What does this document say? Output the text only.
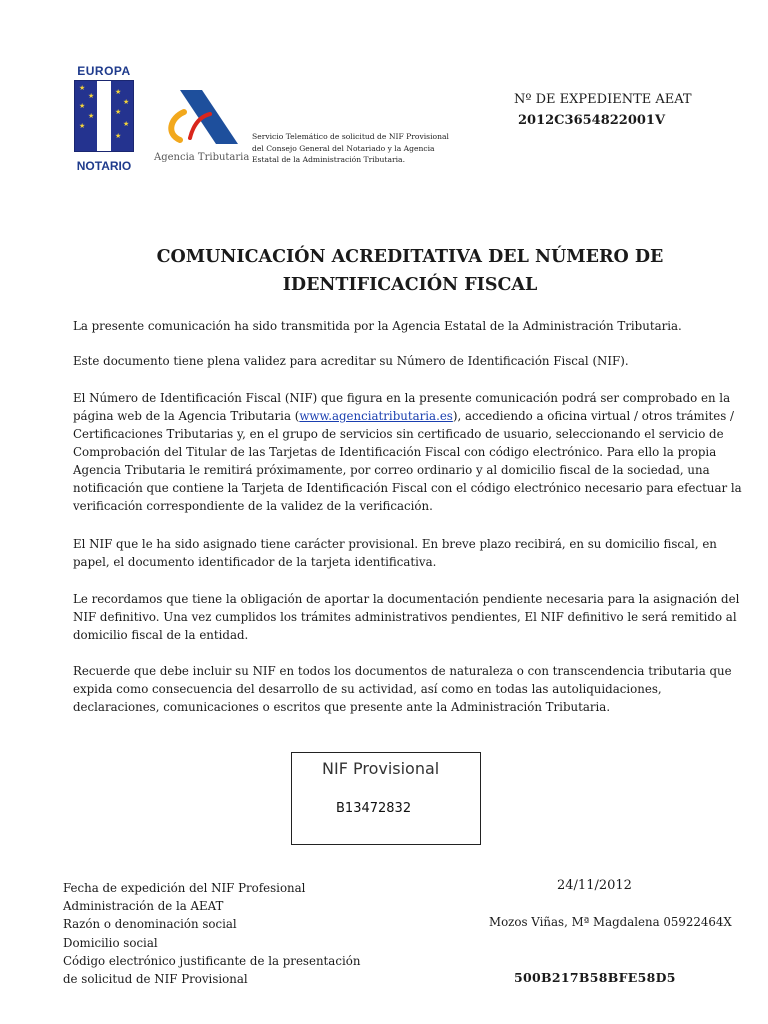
EUROPA
★
★
★
★
★
★
★
★
★
★

NOTARIO
Agencia Tributaria
Servicio Telemático de solicitud de NIF Provisional
del Consejo General del Notariado y la Agencia
Estatal de la Administración Tributaria.
Nº DE EXPEDIENTE AEAT
2012C3654822001V
COMUNICACIÓN ACREDITATIVA DEL NÚMERO DE
IDENTIFICACIÓN FISCAL
La presente comunicación ha sido transmitida por la Agencia Estatal de la Administración Tributaria.
Este documento tiene plena validez para acreditar su Número de Identificación Fiscal (NIF).
El Número de Identificación Fiscal (NIF) que figura en la presente comunicación podrá ser comprobado en la página web de la Agencia Tributaria (www.agenciatributaria.es), accediendo a oficina virtual / otros trámites / Certificaciones Tributarias y, en el grupo de servicios sin certificado de usuario, seleccionando el servicio de Comprobación del Titular de las Tarjetas de Identificación Fiscal con código electrónico. Para ello la propia Agencia Tributaria le remitirá próximamente, por correo ordinario y al domicilio fiscal de la sociedad, una notificación que contiene la Tarjeta de Identificación Fiscal con el código electrónico necesario para efectuar la verificación correspondiente de la validez de la verificación.
El NIF que le ha sido asignado tiene carácter provisional. En breve plazo recibirá, en su domicilio fiscal, en papel, el documento identificador de la tarjeta identificativa.
Le recordamos que tiene la obligación de aportar la documentación pendiente necesaria para la asignación del NIF definitivo. Una vez cumplidos los trámites administrativos pendientes, El NIF definitivo le será remitido al domicilio fiscal de la entidad.
Recuerde que debe incluir su NIF en todos los documentos de naturaleza o con transcendencia tributaria que expida como consecuencia del desarrollo de su actividad, así como en todas las autoliquidaciones, declaraciones, comunicaciones o escritos que presente ante la Administración Tributaria.
NIF Provisional
B13472832
Fecha de expedición del NIF Profesional
Administración de la AEAT
Razón o denominación social
Domicilio social
Código electrónico justificante de la presentación
de solicitud de NIF Provisional
24/11/2012
Mozos Viñas, Mª Magdalena 05922464X
500B217B58BFE58D5
